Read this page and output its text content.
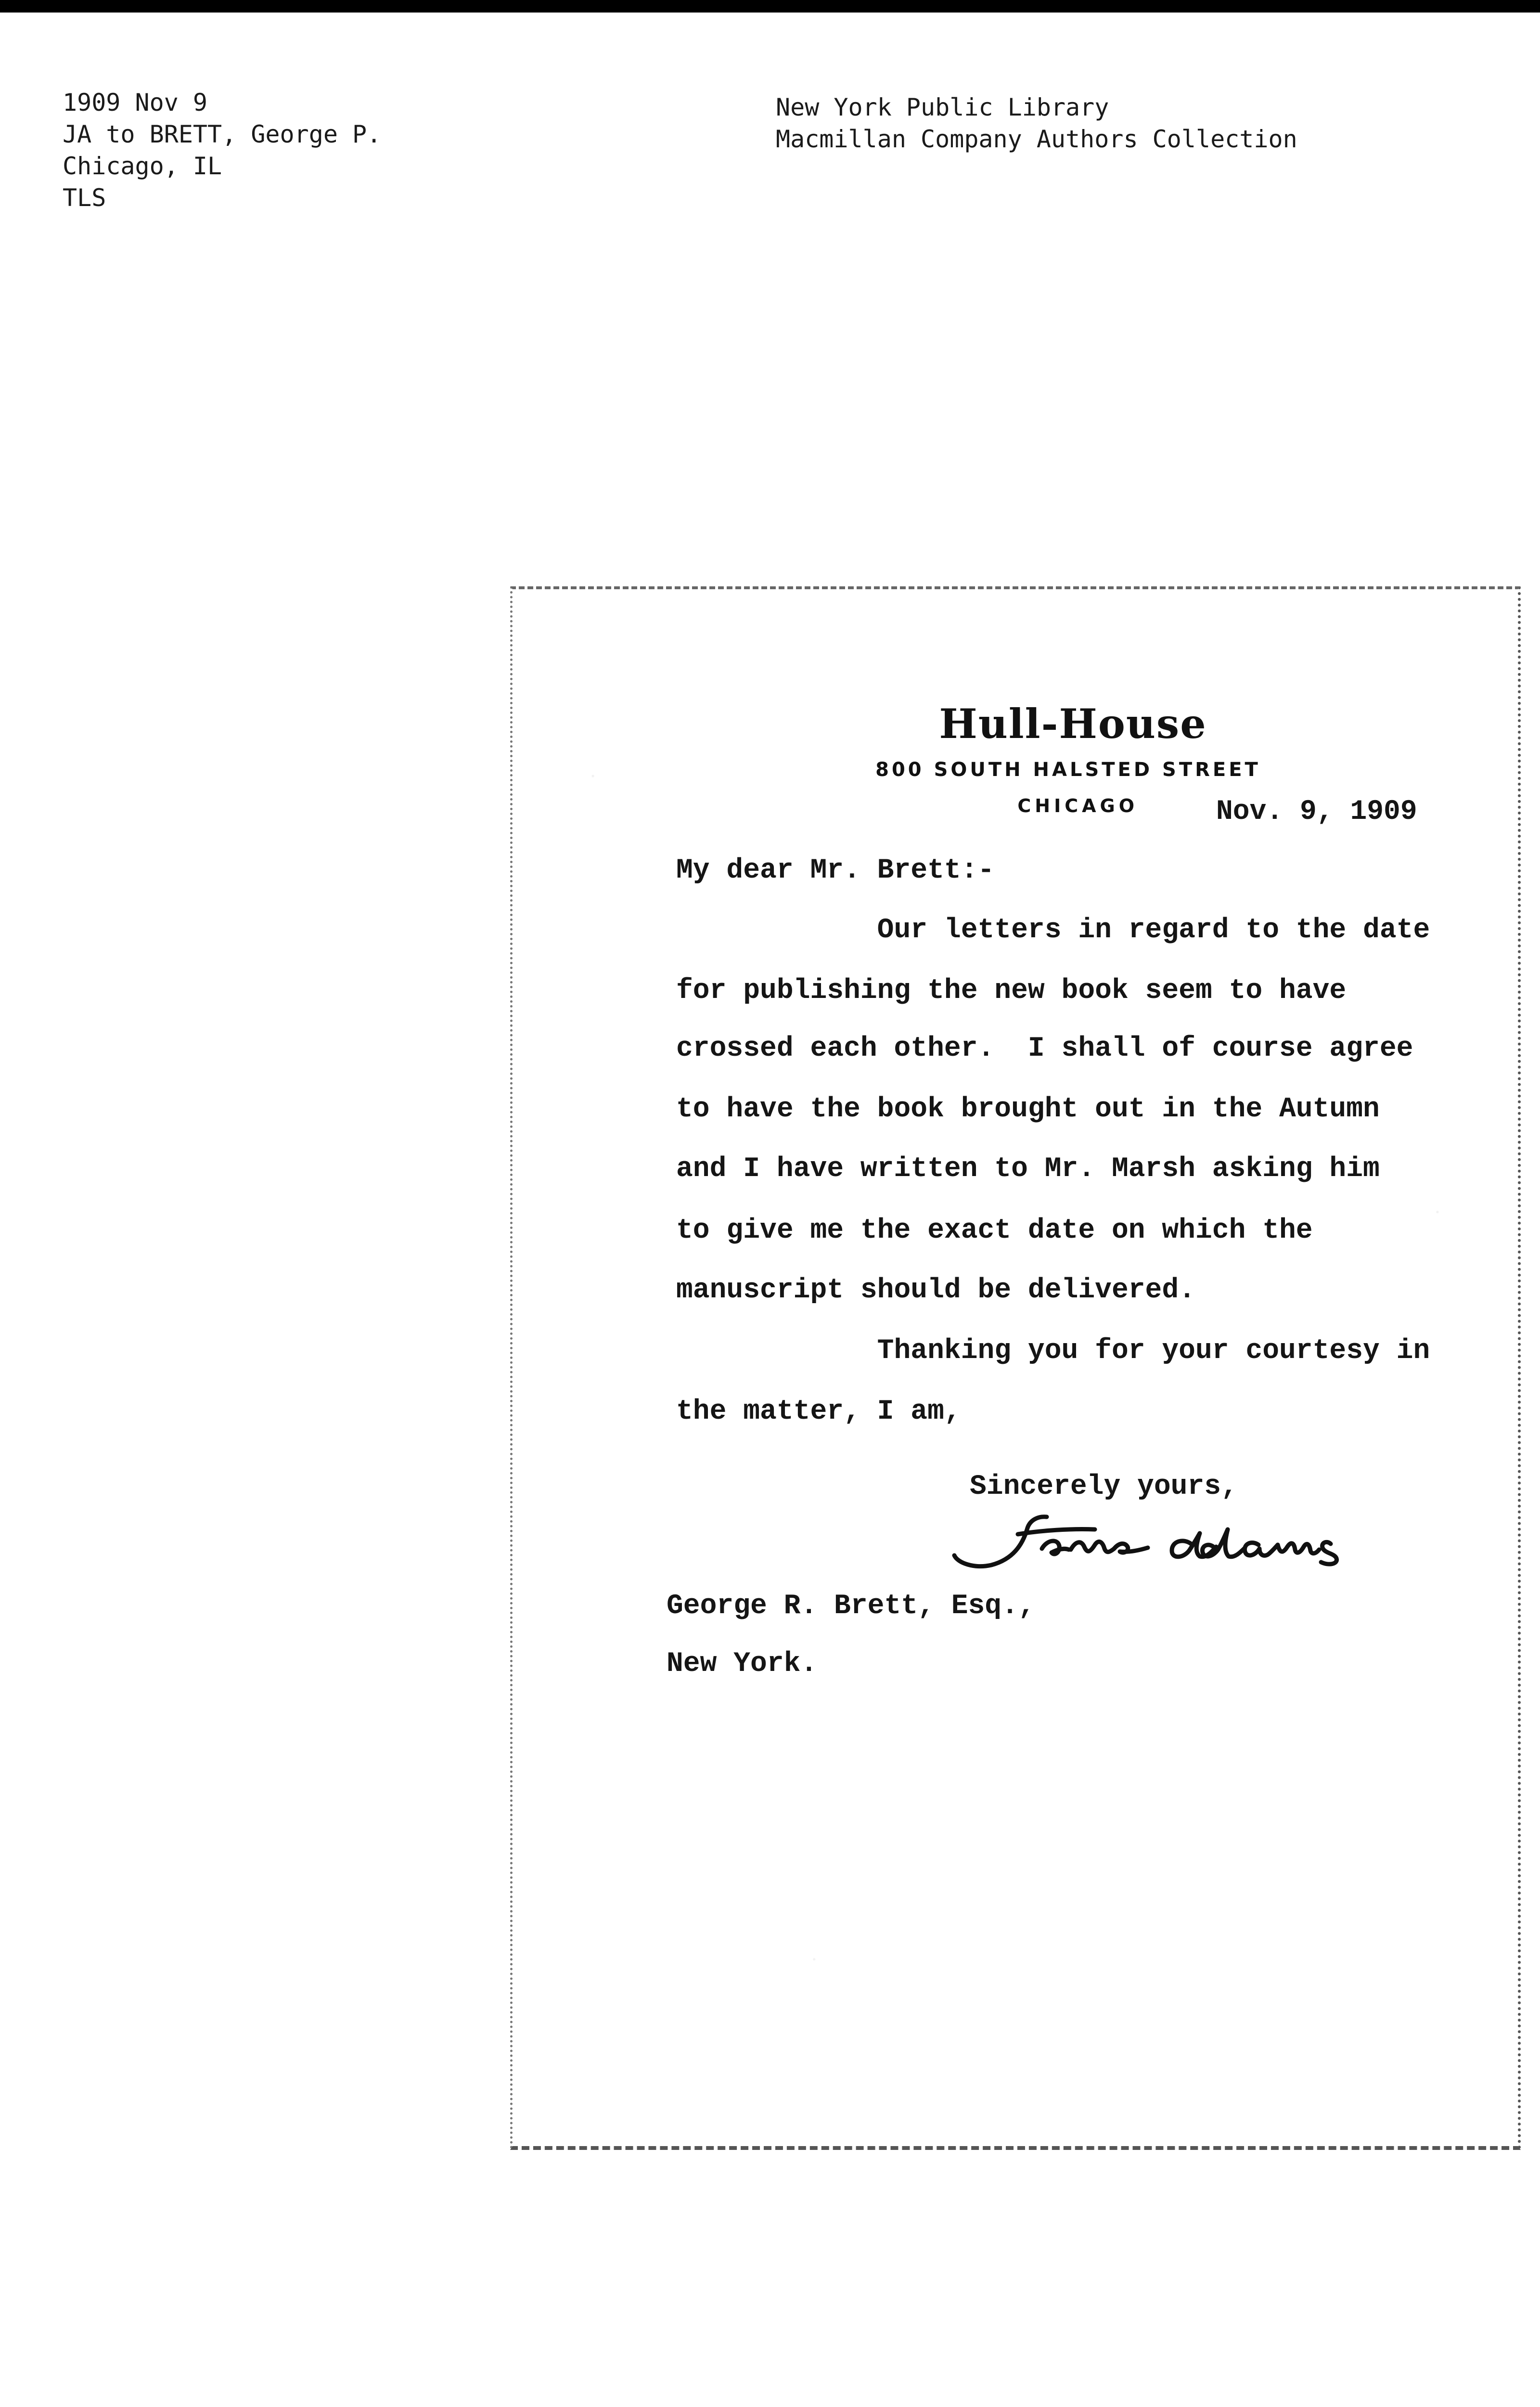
1909 Nov 9
JA to BRETT, George P.
Chicago, IL
TLS
New York Public Library
Macmillan Company Authors Collection
Hull-House
800 SOUTH HALSTED STREET
CHICAGO	Nov. 9, 1909
My dear Mr. Brett:-
Our letters in regard to the date
for publishing the new book seem to have
crossed each other.  I shall of course agree
to have the book brought out in the Autumn
and I have written to Mr. Marsh asking him
to give me the exact date on which the
manuscript should be delivered.
Thanking you for your courtesy in
the matter, I am,
Sincerely yours,
George R. Brett, Esq.,
New York.
